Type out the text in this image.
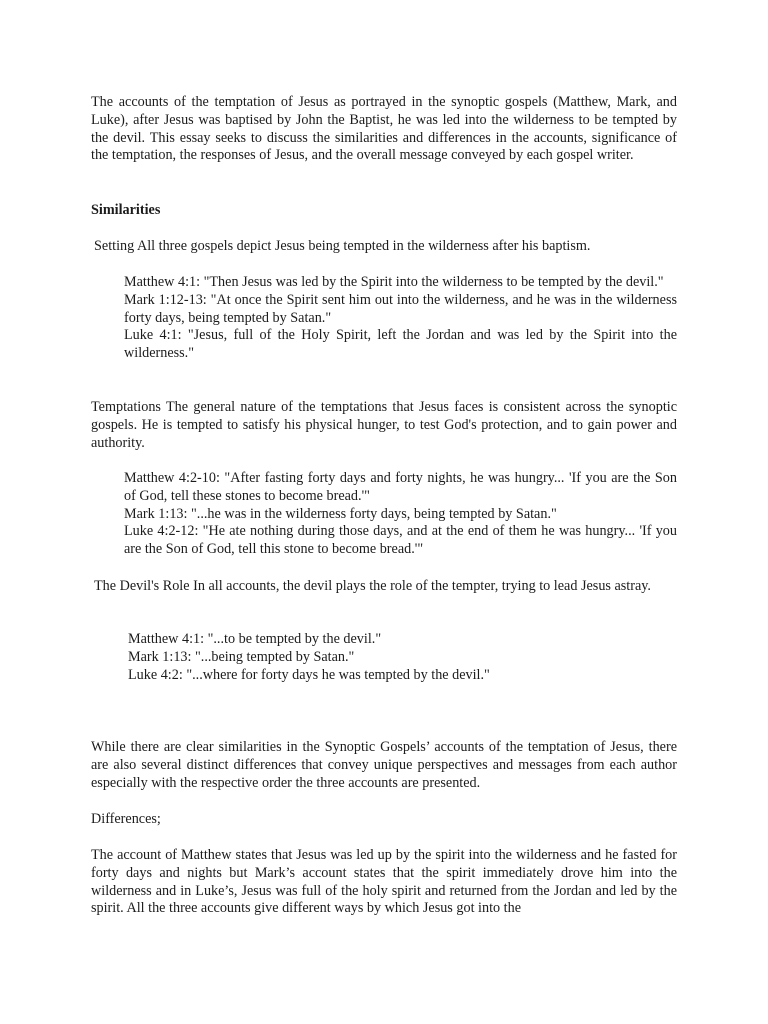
The accounts of the temptation of Jesus as portrayed in the synoptic gospels (Matthew, Mark, and Luke), after Jesus was baptised by John the Baptist, he was led into the wilderness to be tempted by the devil. This essay seeks to discuss the similarities and differences in the accounts, significance of the temptation, the responses of Jesus, and the overall message conveyed by each gospel writer.

Similarities

Setting All three gospels depict Jesus being tempted in the wilderness after his baptism.

Matthew 4:1: "Then Jesus was led by the Spirit into the wilderness to be tempted by the devil."
Mark 1:12-13: "At once the Spirit sent him out into the wilderness, and he was in the wilderness forty days, being tempted by Satan."
Luke 4:1: "Jesus, full of the Holy Spirit, left the Jordan and was led by the Spirit into the wilderness."

Temptations The general nature of the temptations that Jesus faces is consistent across the synoptic gospels. He is tempted to satisfy his physical hunger, to test God's protection, and to gain power and authority.

Matthew 4:2-10: "After fasting forty days and forty nights, he was hungry... 'If you are the Son of God, tell these stones to become bread.'"
Mark 1:13: "...he was in the wilderness forty days, being tempted by Satan."
Luke 4:2-12: "He ate nothing during those days, and at the end of them he was hungry... 'If you are the Son of God, tell this stone to become bread.'"

The Devil's Role In all accounts, the devil plays the role of the tempter, trying to lead Jesus astray.

Matthew 4:1: "...to be tempted by the devil."
Mark 1:13: "...being tempted by Satan."
Luke 4:2: "...where for forty days he was tempted by the devil."

While there are clear similarities in the Synoptic Gospels’ accounts of the temptation of Jesus, there are also several distinct differences that convey unique perspectives and messages from each author especially with the respective order the three accounts are presented.

Differences;

The account of Matthew states that Jesus was led up by the spirit into the wilderness and he fasted for forty days and nights but Mark’s account states that the spirit immediately drove him into the wilderness and in Luke’s, Jesus was full of the holy spirit and returned from the Jordan and led by the spirit. All the three accounts give different ways by which Jesus got into the
